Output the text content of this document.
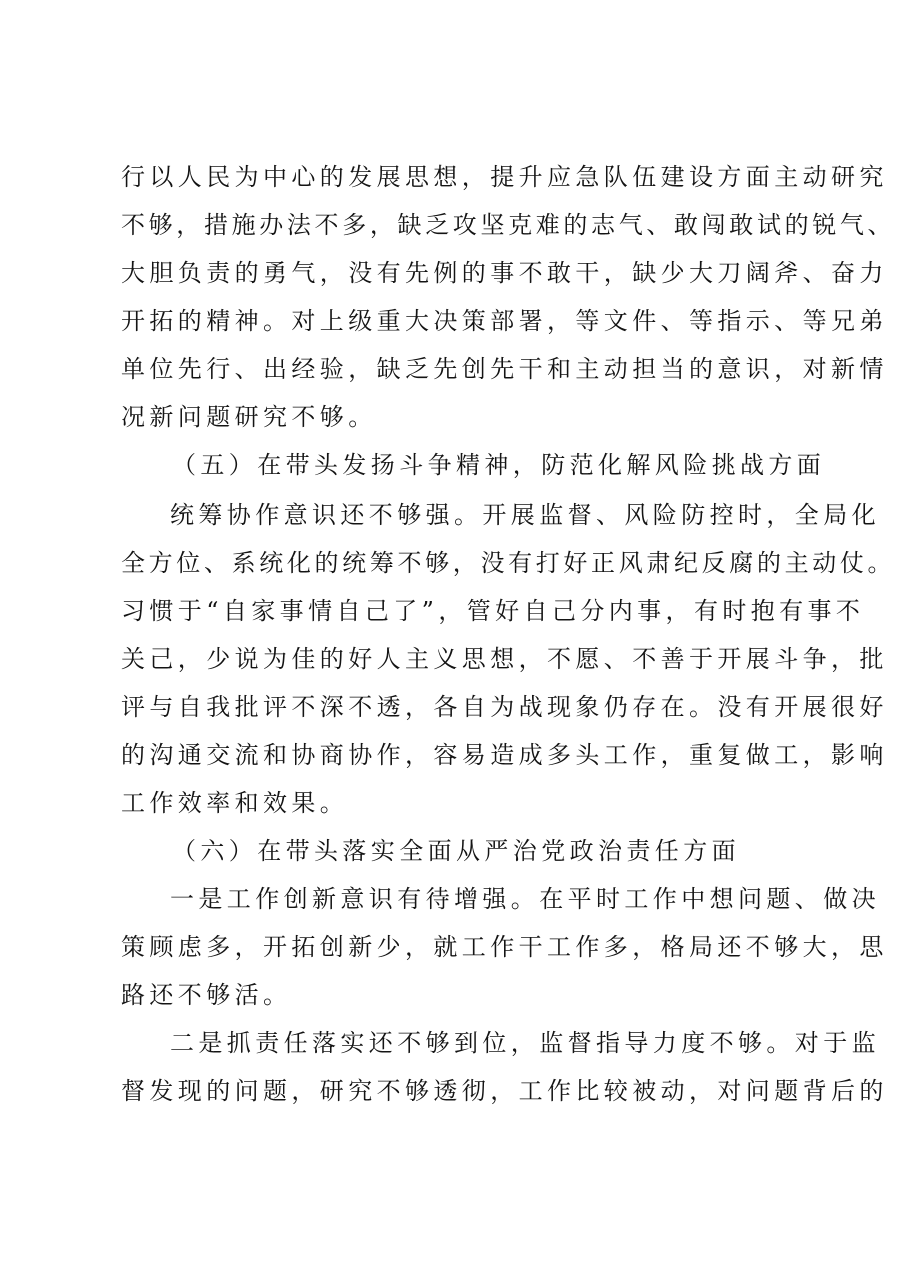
行以人民为中心的发展思想，提升应急队伍建设方面主动研究
不够，措施办法不多，缺乏攻坚克难的志气、敢闯敢试的锐气、
大胆负责的勇气，没有先例的事不敢干，缺少大刀阔斧、奋力
开拓的精神。对上级重大决策部署，等文件、等指示、等兄弟
单位先行、出经验，缺乏先创先干和主动担当的意识，对新情
况新问题研究不够。
（五）在带头发扬斗争精神，防范化解风险挑战方面
统筹协作意识还不够强。开展监督、风险防控时，全局化
全方位、系统化的统筹不够，没有打好正风肃纪反腐的主动仗。
习惯于“自家事情自己了”，管好自己分内事，有时抱有事不
关己，少说为佳的好人主义思想，不愿、不善于开展斗争，批
评与自我批评不深不透，各自为战现象仍存在。没有开展很好
的沟通交流和协商协作，容易造成多头工作，重复做工，影响
工作效率和效果。
（六）在带头落实全面从严治党政治责任方面
一是工作创新意识有待增强。在平时工作中想问题、做决
策顾虑多，开拓创新少，就工作干工作多，格局还不够大，思
路还不够活。
二是抓责任落实还不够到位，监督指导力度不够。对于监
督发现的问题，研究不够透彻，工作比较被动，对问题背后的
